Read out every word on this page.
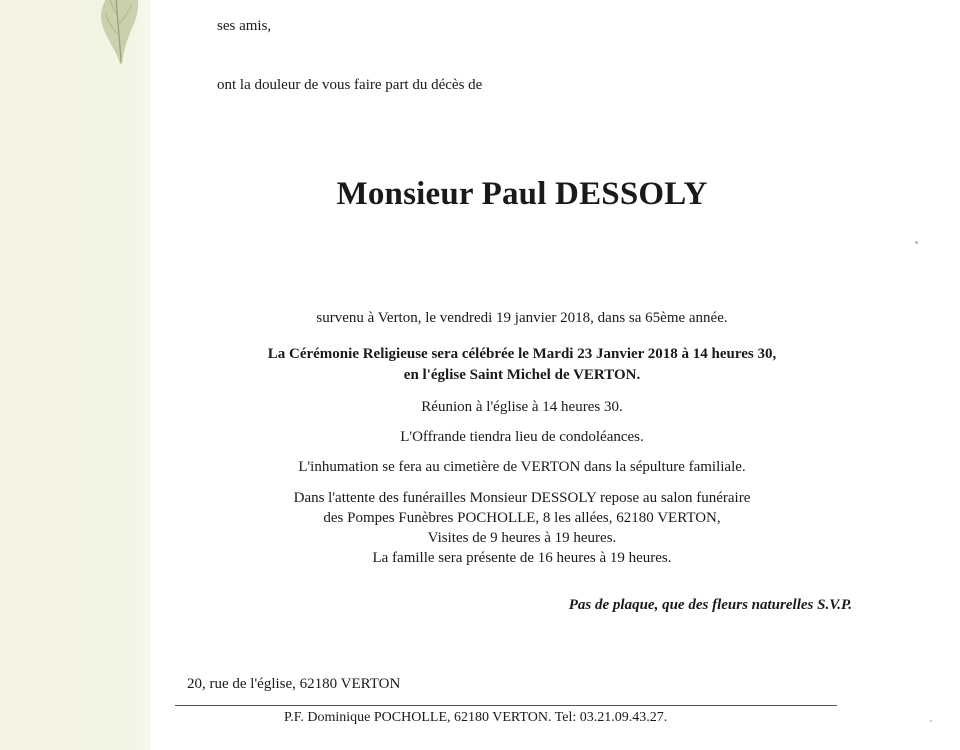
ses amis,
ont la douleur de vous faire part du décès de
Monsieur Paul DESSOLY
survenu à Verton, le vendredi 19 janvier 2018, dans sa 65ème année.
La Cérémonie Religieuse sera célébrée le Mardi 23 Janvier 2018 à 14 heures 30,
en l'église Saint Michel de VERTON.
Réunion à l'église à 14 heures 30.
L'Offrande tiendra lieu de condoléances.
L'inhumation se fera au cimetière de VERTON dans la sépulture familiale.
Dans l'attente des funérailles Monsieur DESSOLY repose au salon funéraire
des Pompes Funèbres POCHOLLE, 8 les allées, 62180 VERTON,
Visites de 9 heures à 19 heures.
La famille sera présente de 16 heures à 19 heures.
Pas de plaque, que des fleurs naturelles S.V.P.
20, rue de l'église, 62180 VERTON
P.F. Dominique POCHOLLE, 62180 VERTON. Tel: 03.21.09.43.27.
